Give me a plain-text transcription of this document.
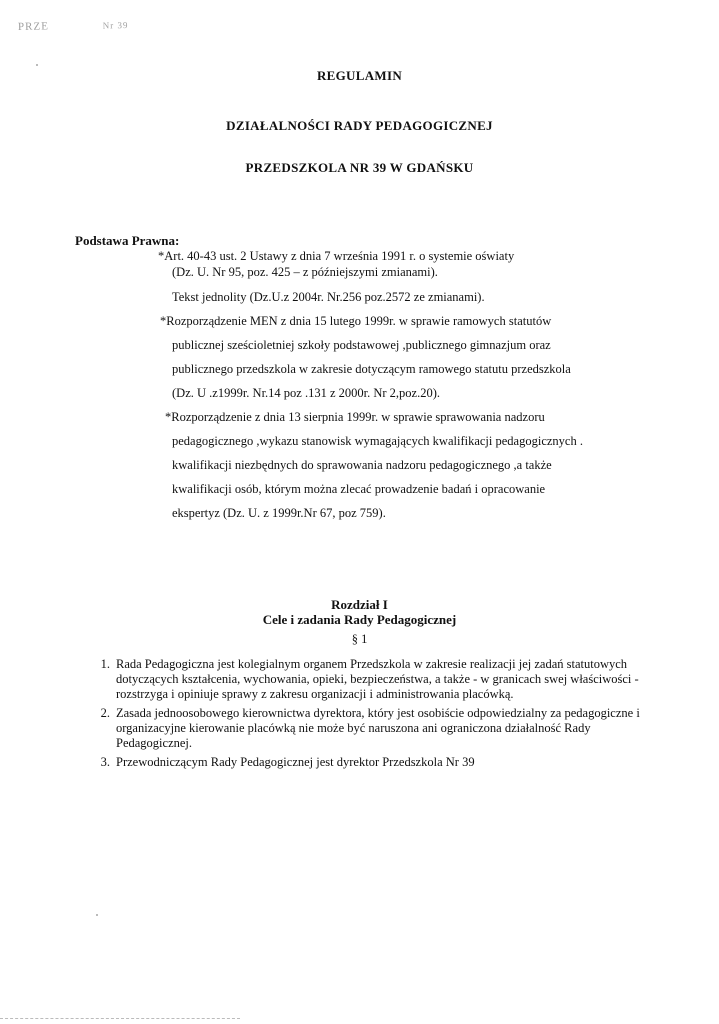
PRZE	Nr 39
REGULAMIN
DZIAŁALNOŚCI RADY PEDAGOGICZNEJ
PRZEDSZKOLA NR 39 W GDAŃSKU
Podstawa Prawna:
*Art. 40-43 ust. 2 Ustawy z dnia 7 września 1991 r. o systemie oświaty
(Dz. U. Nr 95, poz. 425 – z późniejszymi zmianami).
Tekst jednolity (Dz.U.z 2004r. Nr.256 poz.2572 ze zmianami).
*Rozporządzenie MEN z dnia 15 lutego 1999r. w sprawie ramowych statutów
publicznej sześcioletniej szkoły podstawowej ,publicznego gimnazjum oraz
publicznego przedszkola w zakresie dotyczącym ramowego statutu przedszkola
(Dz. U .z1999r. Nr.14 poz .131 z 2000r. Nr 2,poz.20).
*Rozporządzenie z dnia 13 sierpnia 1999r. w sprawie sprawowania nadzoru
pedagogicznego ,wykazu stanowisk wymagających kwalifikacji pedagogicznych .
kwalifikacji niezbędnych do sprawowania nadzoru pedagogicznego ,a także
kwalifikacji osób, którym można zlecać prowadzenie badań i opracowanie
ekspertyz (Dz. U. z 1999r.Nr 67, poz 759).
Rozdział I
Cele i zadania Rady Pedagogicznej
§ 1
1. Rada Pedagogiczna jest kolegialnym organem Przedszkola w zakresie realizacji jej zadań statutowych dotyczących kształcenia, wychowania, opieki, bezpieczeństwa, a także - w granicach swej właściwości - rozstrzyga i opiniuje sprawy z zakresu organizacji i administrowania placówką.
2. Zasada jednoosobowego kierownictwa dyrektora, który jest osobiście odpowiedzialny za pedagogiczne i organizacyjne kierowanie placówką nie może być naruszona ani ograniczona działalność Rady Pedagogicznej.
3. Przewodniczącym Rady Pedagogicznej jest dyrektor Przedszkola Nr 39
